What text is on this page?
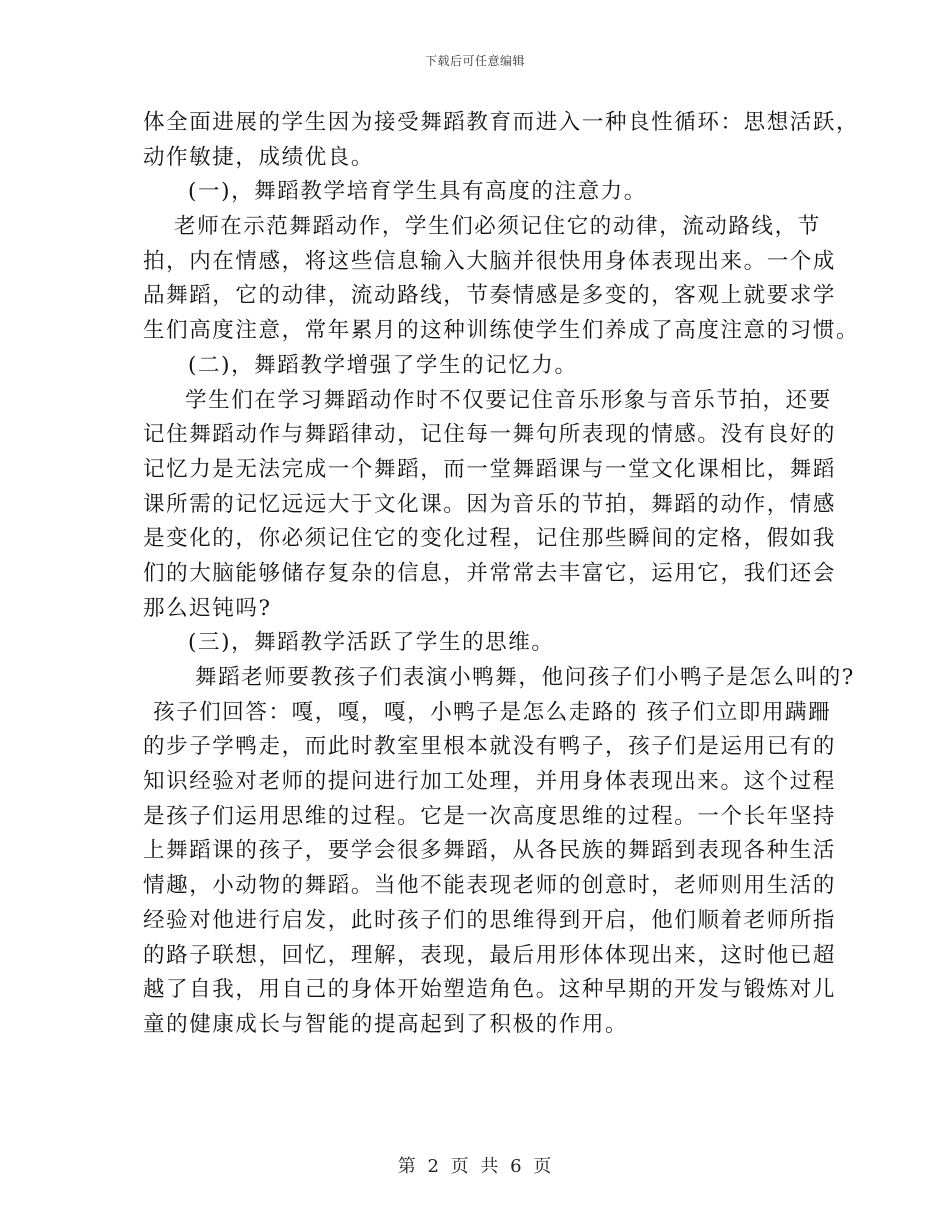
下载后可任意编辑
体全面进展的学生因为接受舞蹈教育而进入一种良性循环：思想活跃，
动作敏捷，成绩优良。
(一)，舞蹈教学培育学生具有高度的注意力。
老师在示范舞蹈动作，学生们必须记住它的动律，流动路线，节
拍，内在情感，将这些信息输入大脑并很快用身体表现出来。一个成
品舞蹈，它的动律，流动路线，节奏情感是多变的，客观上就要求学
生们高度注意，常年累月的这种训练使学生们养成了高度注意的习惯。
(二)，舞蹈教学增强了学生的记忆力。
学生们在学习舞蹈动作时不仅要记住音乐形象与音乐节拍，还要
记住舞蹈动作与舞蹈律动，记住每一舞句所表现的情感。没有良好的
记忆力是无法完成一个舞蹈，而一堂舞蹈课与一堂文化课相比，舞蹈
课所需的记忆远远大于文化课。因为音乐的节拍，舞蹈的动作，情感
是变化的，你必须记住它的变化过程，记住那些瞬间的定格，假如我
们的大脑能够储存复杂的信息，并常常去丰富它，运用它，我们还会
那么迟钝吗?
(三)，舞蹈教学活跃了学生的思维。
舞蹈老师要教孩子们表演小鸭舞，他问孩子们小鸭子是怎么叫的?
孩子们回答：嘎，嘎，嘎，小鸭子是怎么走路的 孩子们立即用蹒跚
的步子学鸭走，而此时教室里根本就没有鸭子，孩子们是运用已有的
知识经验对老师的提问进行加工处理，并用身体表现出来。这个过程
是孩子们运用思维的过程。它是一次高度思维的过程。一个长年坚持
上舞蹈课的孩子，要学会很多舞蹈，从各民族的舞蹈到表现各种生活
情趣，小动物的舞蹈。当他不能表现老师的创意时，老师则用生活的
经验对他进行启发，此时孩子们的思维得到开启，他们顺着老师所指
的路子联想，回忆，理解，表现，最后用形体体现出来，这时他已超
越了自我，用自己的身体开始塑造角色。这种早期的开发与锻炼对儿
童的健康成长与智能的提高起到了积极的作用。
第 2 页 共 6 页
